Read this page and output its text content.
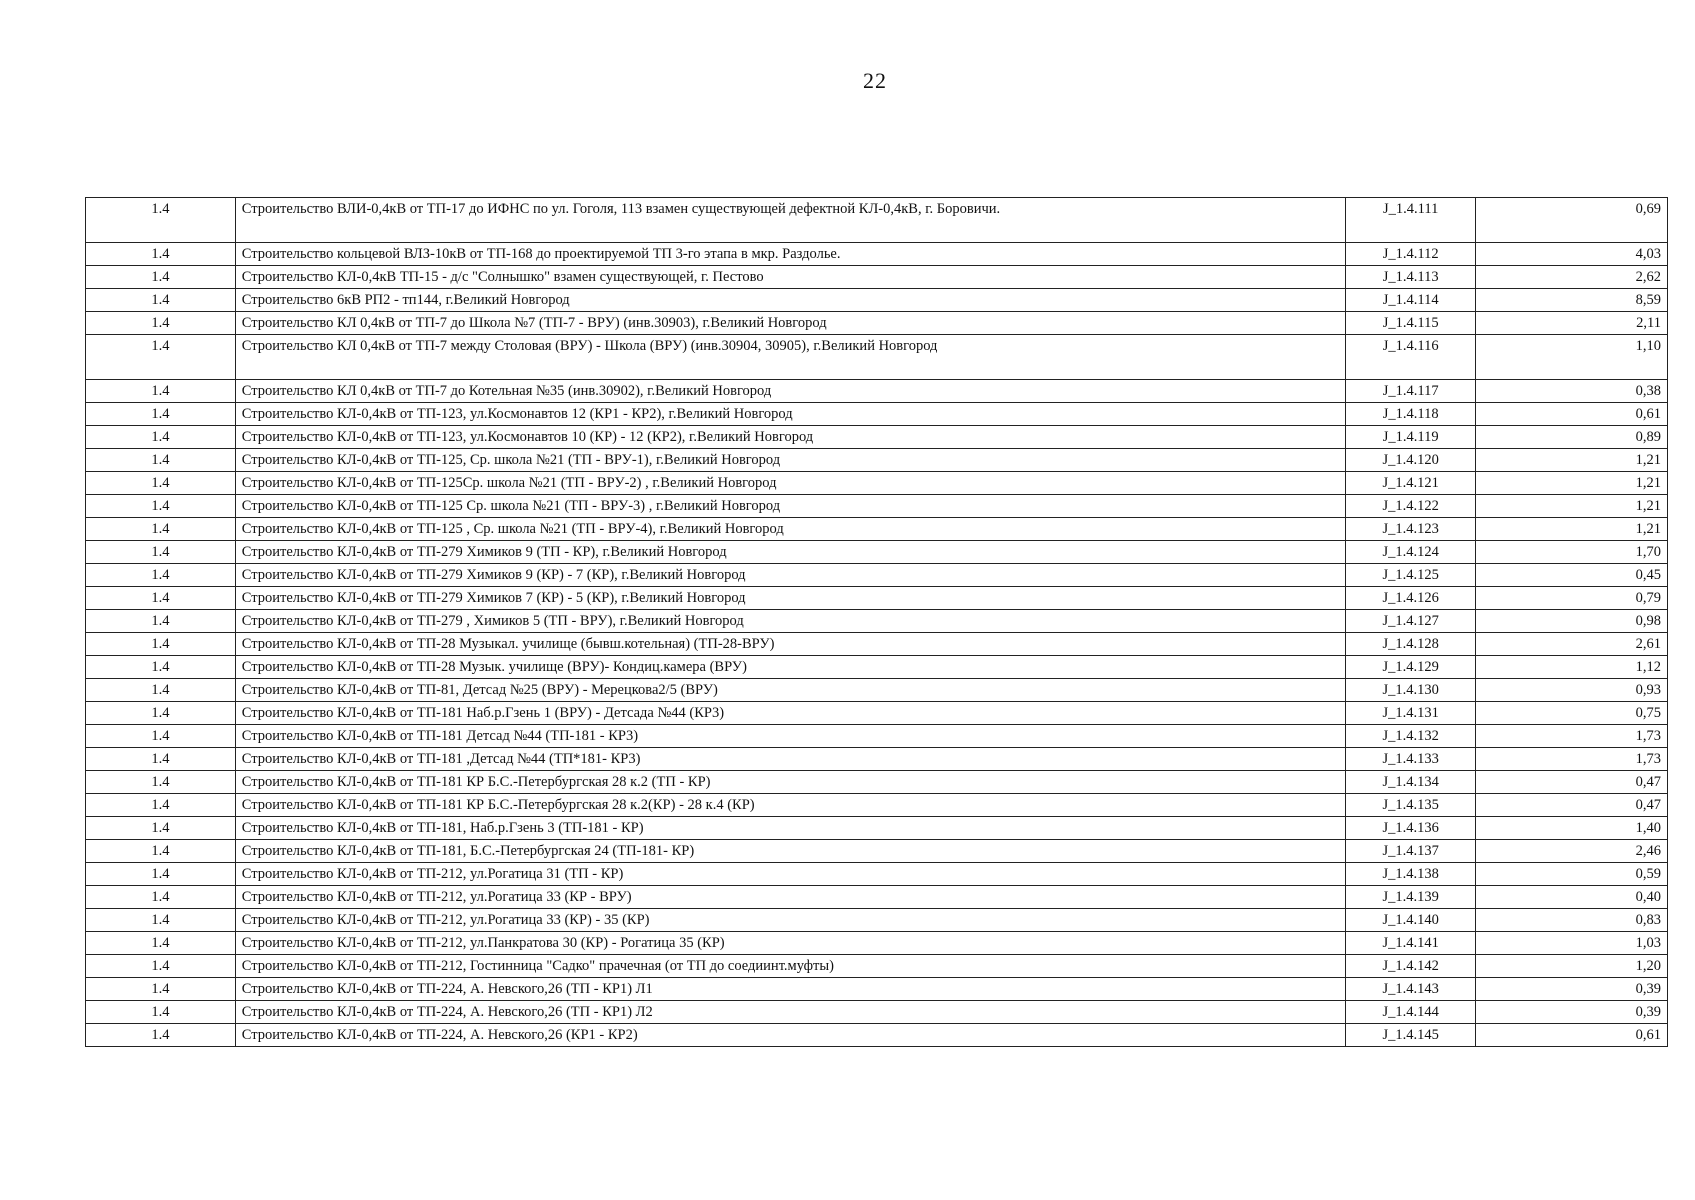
22
1.4	Строительство ВЛИ-0,4кВ от ТП-17 до ИФНС по ул. Гоголя, 113 взамен существующей дефектной КЛ-0,4кВ, г. Боровичи.	J_1.4.111	0,69
1.4	Строительство кольцевой ВЛЗ-10кВ от ТП-168 до проектируемой ТП 3-го этапа в мкр. Раздолье.	J_1.4.112	4,03
1.4	Строительство КЛ-0,4кВ ТП-15 - д/с "Солнышко" взамен существующей, г. Пестово	J_1.4.113	2,62
1.4	Строительство 6кВ РП2 - тп144, г.Великий Новгород	J_1.4.114	8,59
1.4	Строительство КЛ 0,4кВ от ТП-7 до Школа №7 (ТП-7 - ВРУ) (инв.30903), г.Великий Новгород	J_1.4.115	2,11
1.4	Строительство КЛ 0,4кВ от ТП-7 между Столовая (ВРУ) - Школа (ВРУ) (инв.30904, 30905), г.Великий Новгород	J_1.4.116	1,10
1.4	Строительство КЛ 0,4кВ от ТП-7 до Котельная №35 (инв.30902), г.Великий Новгород	J_1.4.117	0,38
1.4	Строительство КЛ-0,4кВ от ТП-123, ул.Космонавтов 12 (КР1 - КР2), г.Великий Новгород	J_1.4.118	0,61
1.4	Строительство КЛ-0,4кВ от ТП-123, ул.Космонавтов 10 (КР) - 12 (КР2), г.Великий Новгород	J_1.4.119	0,89
1.4	Строительство КЛ-0,4кВ от ТП-125, Ср. школа №21 (ТП - ВРУ-1), г.Великий Новгород	J_1.4.120	1,21
1.4	Строительство КЛ-0,4кВ от ТП-125Ср. школа №21 (ТП - ВРУ-2) , г.Великий Новгород	J_1.4.121	1,21
1.4	Строительство КЛ-0,4кВ от ТП-125 Ср. школа №21 (ТП - ВРУ-3) , г.Великий Новгород	J_1.4.122	1,21
1.4	Строительство КЛ-0,4кВ от ТП-125 , Ср. школа №21 (ТП - ВРУ-4), г.Великий Новгород	J_1.4.123	1,21
1.4	Строительство КЛ-0,4кВ от ТП-279 Химиков 9 (ТП - КР), г.Великий Новгород	J_1.4.124	1,70
1.4	Строительство КЛ-0,4кВ от ТП-279 Химиков 9 (КР) - 7 (КР), г.Великий Новгород	J_1.4.125	0,45
1.4	Строительство КЛ-0,4кВ от ТП-279 Химиков 7 (КР) - 5 (КР), г.Великий Новгород	J_1.4.126	0,79
1.4	Строительство КЛ-0,4кВ от ТП-279 , Химиков 5 (ТП - ВРУ), г.Великий Новгород	J_1.4.127	0,98
1.4	Строительство КЛ-0,4кВ от ТП-28 Музыкал. училище (бывш.котельная) (ТП-28-ВРУ)	J_1.4.128	2,61
1.4	Строительство КЛ-0,4кВ от ТП-28 Музык. училище (ВРУ)- Кондиц.камера (ВРУ)	J_1.4.129	1,12
1.4	Строительство КЛ-0,4кВ от ТП-81, Детсад №25 (ВРУ) - Мерецкова2/5 (ВРУ)	J_1.4.130	0,93
1.4	Строительство КЛ-0,4кВ от ТП-181 Наб.р.Гзень 1 (ВРУ) - Детсада №44 (КР3)	J_1.4.131	0,75
1.4	Строительство КЛ-0,4кВ от ТП-181 Детсад №44 (ТП-181 - КР3)	J_1.4.132	1,73
1.4	Строительство КЛ-0,4кВ от ТП-181 ,Детсад №44 (ТП*181- КР3)	J_1.4.133	1,73
1.4	Строительство КЛ-0,4кВ от ТП-181 КР Б.С.-Петербургская 28 к.2 (ТП - КР)	J_1.4.134	0,47
1.4	Строительство КЛ-0,4кВ от ТП-181 КР Б.С.-Петербургская 28 к.2(КР) - 28 к.4 (КР)	J_1.4.135	0,47
1.4	Строительство КЛ-0,4кВ от ТП-181, Наб.р.Гзень 3 (ТП-181 - КР)	J_1.4.136	1,40
1.4	Строительство КЛ-0,4кВ от ТП-181, Б.С.-Петербургская 24 (ТП-181- КР)	J_1.4.137	2,46
1.4	Строительство КЛ-0,4кВ от ТП-212, ул.Рогатица 31 (ТП - КР)	J_1.4.138	0,59
1.4	Строительство КЛ-0,4кВ от ТП-212, ул.Рогатица 33 (КР - ВРУ)	J_1.4.139	0,40
1.4	Строительство КЛ-0,4кВ от ТП-212, ул.Рогатица 33 (КР) - 35 (КР)	J_1.4.140	0,83
1.4	Строительство КЛ-0,4кВ от ТП-212, ул.Панкратова 30 (КР) - Рогатица 35 (КР)	J_1.4.141	1,03
1.4	Строительство КЛ-0,4кВ от ТП-212, Гостинница "Садко" прачечная (от ТП до соедиинт.муфты)	J_1.4.142	1,20
1.4	Строительство КЛ-0,4кВ от ТП-224, А. Невского,26 (ТП - КР1) Л1	J_1.4.143	0,39
1.4	Строительство КЛ-0,4кВ от ТП-224, А. Невского,26 (ТП - КР1) Л2	J_1.4.144	0,39
1.4	Строительство КЛ-0,4кВ от ТП-224, А. Невского,26 (КР1 - КР2)	J_1.4.145	0,61
